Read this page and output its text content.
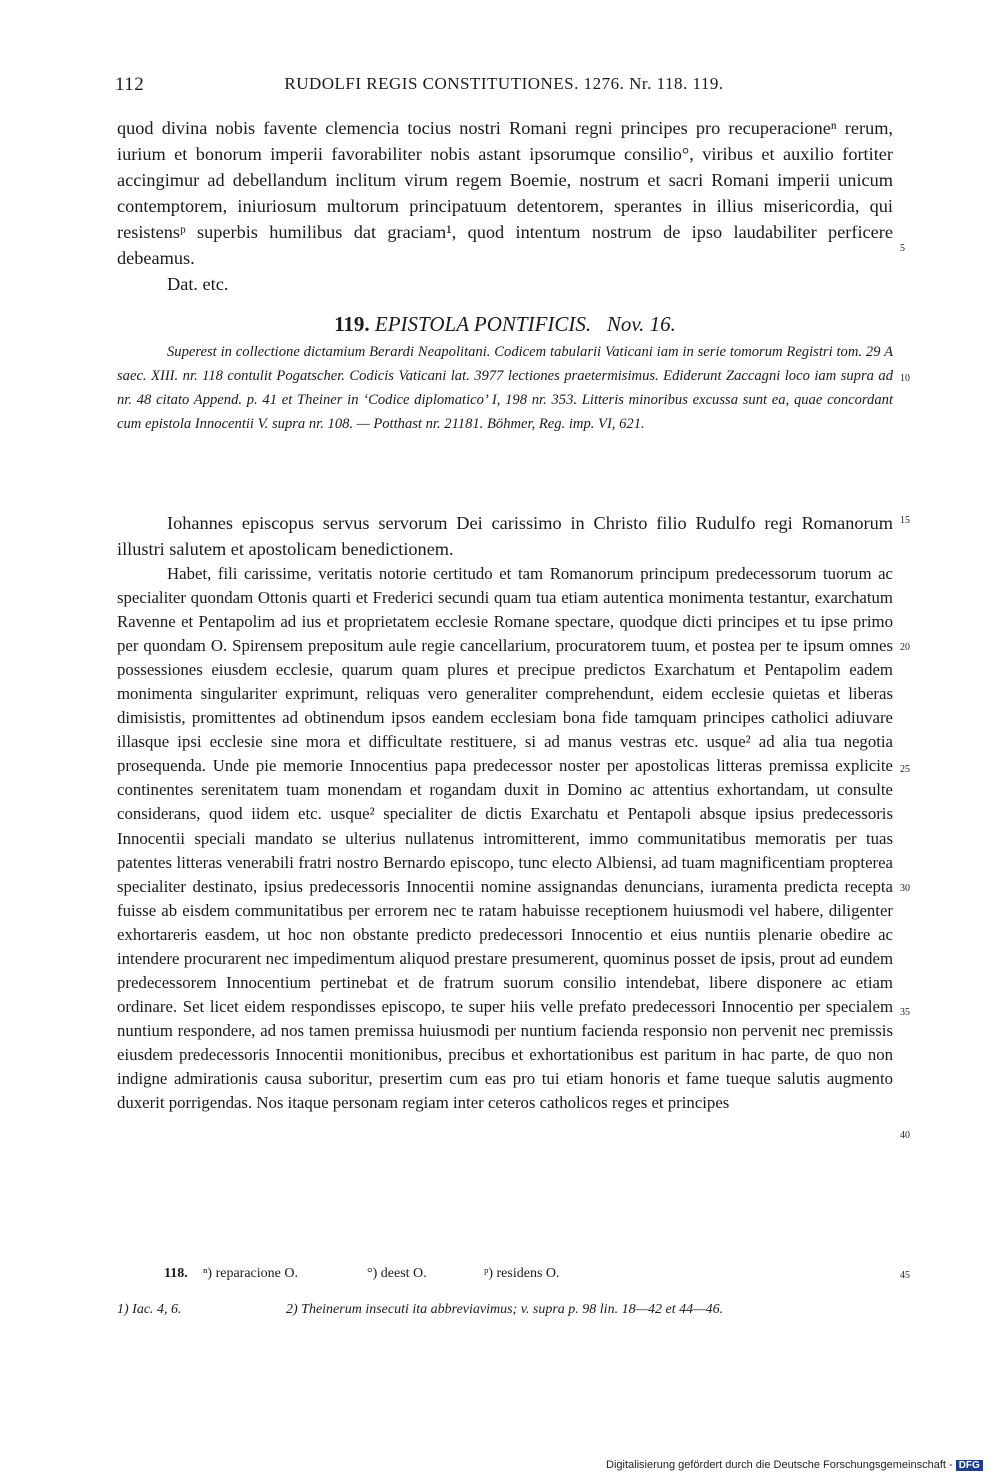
112	RUDOLFI REGIS CONSTITUTIONES. 1276. Nr. 118. 119.

quod divina nobis favente clemencia tocius nostri Romani regni principes pro recuperacioneⁿ rerum, iurium et bonorum imperii favorabiliter nobis astant ipsorumque consilio°, viribus et auxilio fortiter accingimur ad debellandum inclitum virum regem Boemie, nostrum et sacri Romani imperii unicum contemptorem, iniuriosum multorum principatuum detentorem, sperantes in illius misericordia, qui resistensᵖ superbis humilibus dat graciam¹, quod intentum nostrum de ipso laudabiliter perficere debeamus.

Dat. etc.

119. EPISTOLA PONTIFICIS. Nov. 16.

Superest in collectione dictamium Berardi Neapolitani. Codicem tabularii Vaticani iam in serie tomorum Registri tom. 29 A saec. XIII. nr. 118 contulit Pogatscher. Codicis Vaticani lat. 3977 lectiones praetermisimus. Ediderunt Zaccagni loco iam supra ad nr. 48 citato Append. p. 41 et Theiner in ‘Codice diplomatico’ I, 198 nr. 353. Litteris minoribus excussa sunt ea, quae concordant cum epistola Innocentii V. supra nr. 108. — Potthast nr. 21181. Böhmer, Reg. imp. VI, 621.

Iohannes episcopus servus servorum Dei carissimo in Christo filio Rudulfo regi Romanorum illustri salutem et apostolicam benedictionem.

Habet, fili carissime, veritatis notorie certitudo et tam Romanorum principum predecessorum tuorum ac specialiter quondam Ottonis quarti et Frederici secundi quam tua etiam autentica monimenta testantur, exarchatum Ravenne et Pentapolim ad ius et proprietatem ecclesie Romane spectare, quodque dicti principes et tu ipse primo per quondam O. Spirensem prepositum aule regie cancellarium, procuratorem tuum, et postea per te ipsum omnes possessiones eiusdem ecclesie, quarum quam plures et precipue predictos Exarchatum et Pentapolim eadem monimenta singulariter exprimunt, reliquas vero generaliter comprehendunt, eidem ecclesie quietas et liberas dimisistis, promittentes ad obtinendum ipsos eandem ecclesiam bona fide tamquam principes catholici adiuvare illasque ipsi ecclesie sine mora et difficultate restituere, si ad manus vestras etc. usque² ad alia tua negotia prosequenda. Unde pie memorie Innocentius papa predecessor noster per apostolicas litteras premissa explicite continentes serenitatem tuam monendam et rogandam duxit in Domino ac attentius exhortandam, ut consulte considerans, quod iidem etc. usque² specialiter de dictis Exarchatu et Pentapoli absque ipsius predecessoris Innocentii speciali mandato se ulterius nullatenus intromitterent, immo communitatibus memoratis per tuas patentes litteras venerabili fratri nostro Bernardo episcopo, tunc electo Albiensi, ad tuam magnificentiam propterea specialiter destinato, ipsius predecessoris Innocentii nomine assignandas denuncians, iuramenta predicta recepta fuisse ab eisdem communitatibus per errorem nec te ratam habuisse receptionem huiusmodi vel habere, diligenter exhortareris easdem, ut hoc non obstante predicto predecessori Innocentio et eius nuntiis plenarie obedire ac intendere procurarent nec impedimentum aliquod prestare presumerent, quominus posset de ipsis, prout ad eundem predecessorem Innocentium pertinebat et de fratrum suorum consilio intendebat, libere disponere ac etiam ordinare. Set licet eidem respondisses episcopo, te super hiis velle prefato predecessori Innocentio per specialem nuntium respondere, ad nos tamen premissa huiusmodi per nuntium facienda responsio non pervenit nec premissis eiusdem predecessoris Innocentii monitionibus, precibus et exhortationibus est paritum in hac parte, de quo non indigne admirationis causa suboritur, presertim cum eas pro tui etiam honoris et fame tueque salutis augmento duxerit porrigendas. Nos itaque personam regiam inter ceteros catholicos reges et principes

5
10
15
20
25
30
35
40
45
118. ⁿ) reparacione O.	°) deest O.	ᵖ) residens O.
1) Iac. 4, 6.	2) Theinerum insecuti ita abbreviavimus; v. supra p. 98 lin. 18—42 et 44—46.
Digitalisierung gefördert durch die Deutsche Forschungsgemeinschaft - DFG
